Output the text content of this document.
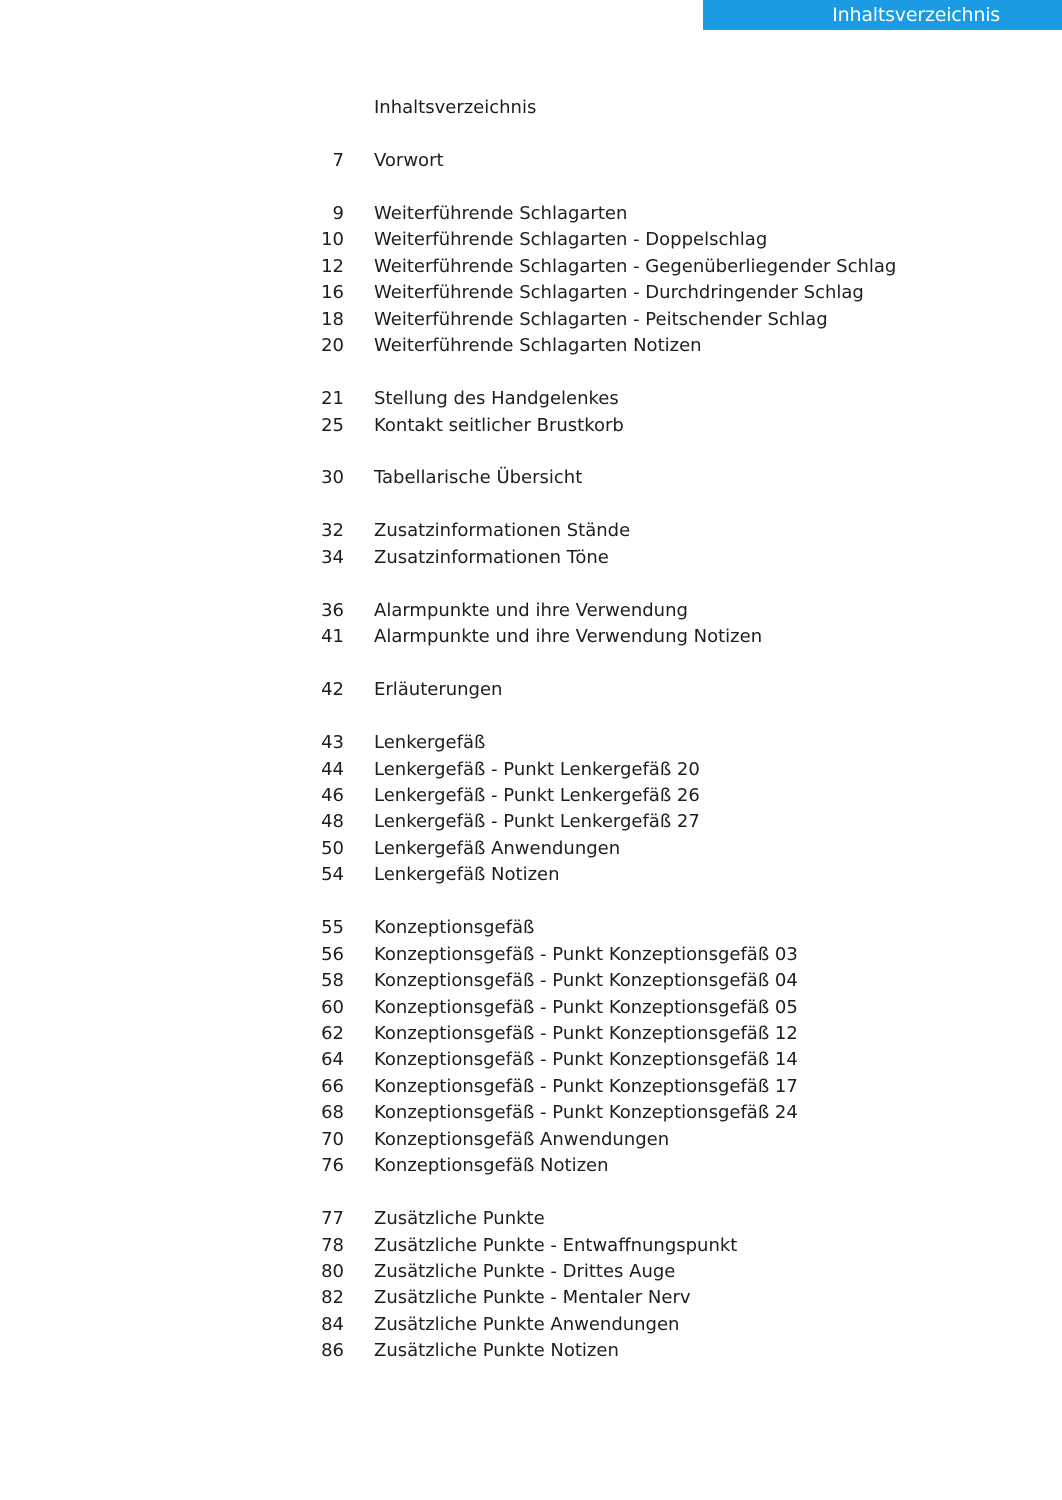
Inhaltsverzeichnis
Inhaltsverzeichnis
7 Vorwort
9 Weiterführende Schlagarten
10 Weiterführende Schlagarten - Doppelschlag
12 Weiterführende Schlagarten - Gegenüberliegender Schlag
16 Weiterführende Schlagarten - Durchdringender Schlag
18 Weiterführende Schlagarten - Peitschender Schlag
20 Weiterführende Schlagarten Notizen
21 Stellung des Handgelenkes
25 Kontakt seitlicher Brustkorb
30 Tabellarische Übersicht
32 Zusatzinformationen Stände
34 Zusatzinformationen Töne
36 Alarmpunkte und ihre Verwendung
41 Alarmpunkte und ihre Verwendung Notizen
42 Erläuterungen
43 Lenkergefäß
44 Lenkergefäß - Punkt Lenkergefäß 20
46 Lenkergefäß - Punkt Lenkergefäß 26
48 Lenkergefäß - Punkt Lenkergefäß 27
50 Lenkergefäß Anwendungen
54 Lenkergefäß Notizen
55 Konzeptionsgefäß
56 Konzeptionsgefäß - Punkt Konzeptionsgefäß 03
58 Konzeptionsgefäß - Punkt Konzeptionsgefäß 04
60 Konzeptionsgefäß - Punkt Konzeptionsgefäß 05
62 Konzeptionsgefäß - Punkt Konzeptionsgefäß 12
64 Konzeptionsgefäß - Punkt Konzeptionsgefäß 14
66 Konzeptionsgefäß - Punkt Konzeptionsgefäß 17
68 Konzeptionsgefäß - Punkt Konzeptionsgefäß 24
70 Konzeptionsgefäß Anwendungen
76 Konzeptionsgefäß Notizen
77 Zusätzliche Punkte
78 Zusätzliche Punkte - Entwaffnungspunkt
80 Zusätzliche Punkte - Drittes Auge
82 Zusätzliche Punkte - Mentaler Nerv
84 Zusätzliche Punkte Anwendungen
86 Zusätzliche Punkte Notizen
